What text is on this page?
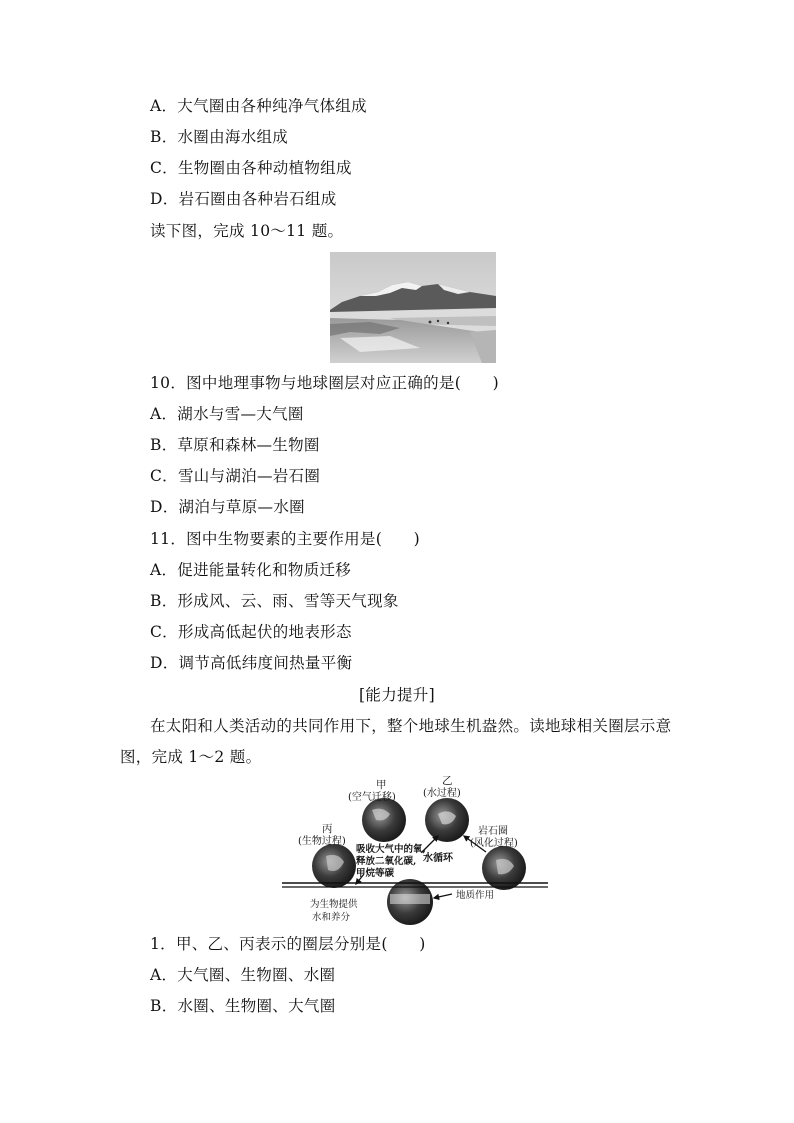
A．大气圈由各种纯净气体组成
B．水圈由海水组成
C．生物圈由各种动植物组成
D．岩石圈由各种岩石组成
读下图，完成 10～11 题。
10．图中地理事物与地球圈层对应正确的是(　　)
A．湖水与雪—大气圈
B．草原和森林—生物圈
C．雪山与湖泊—岩石圈
D．湖泊与草原—水圈
11．图中生物要素的主要作用是(　　)
A．促进能量转化和物质迁移
B．形成风、云、雨、雪等天气现象
C．形成高低起伏的地表形态
D．调节高低纬度间热量平衡
[能力提升]
在太阳和人类活动的共同作用下，整个地球生机盎然。读地球相关圈层示意
图，完成 1～2 题。
甲
(空气迁移)
乙
(水过程)
丙
(生物过程)
岩石圈
(风化过程)
吸收大气中的氧,
释放二氧化碳,
甲烷等碳
水循环
为生物提供
水和养分
地质作用
1．甲、乙、丙表示的圈层分别是(　　)
A．大气圈、生物圈、水圈
B．水圈、生物圈、大气圈
